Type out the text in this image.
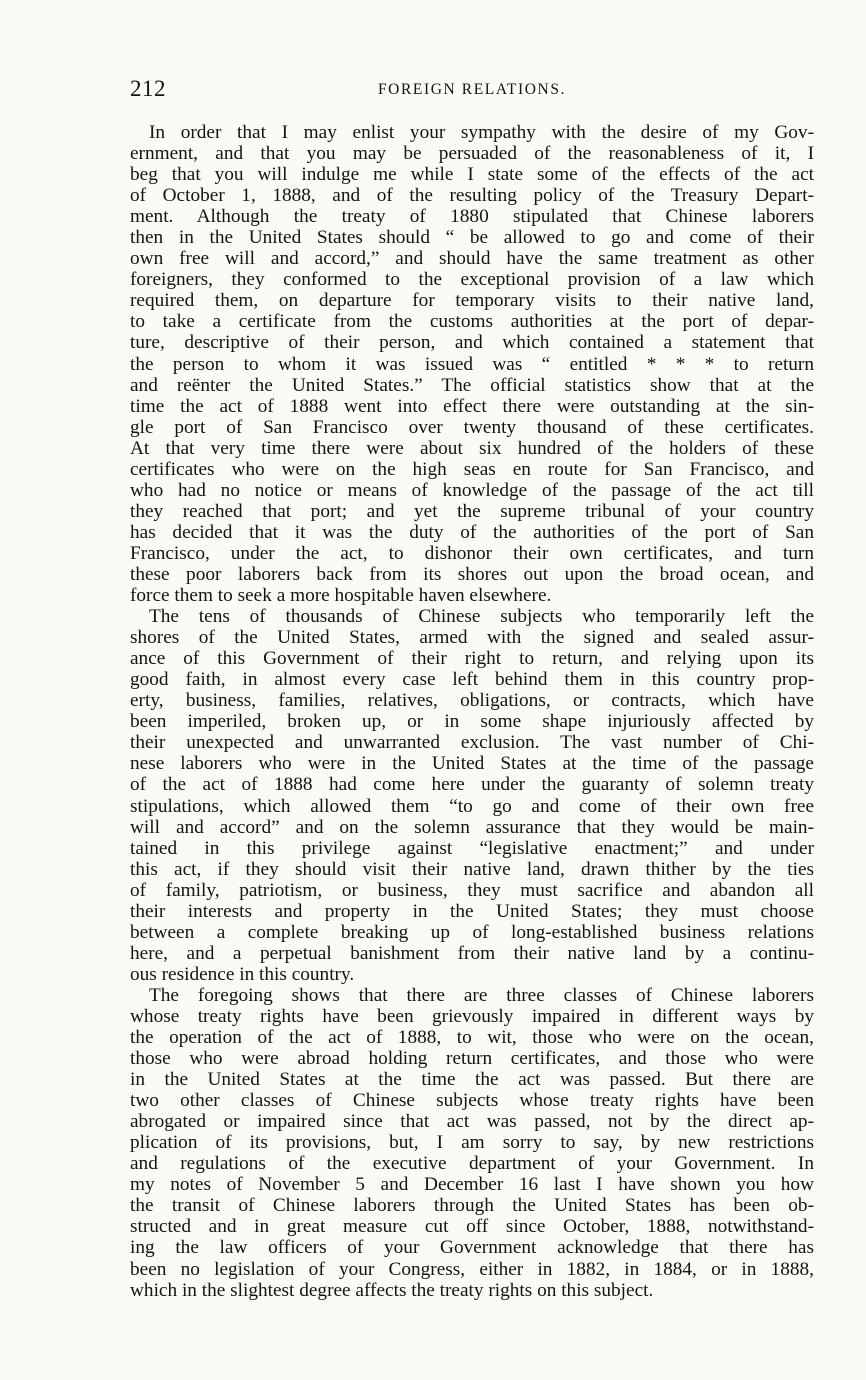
212	FOREIGN RELATIONS.
In order that I may enlist your sympathy with the desire of my Gov-
ernment, and that you may be persuaded of the reasonableness of it, I
beg that you will indulge me while I state some of the effects of the act
of October 1, 1888, and of the resulting policy of the Treasury Depart-
ment. Although the treaty of 1880 stipulated that Chinese laborers
then in the United States should “ be allowed to go and come of their
own free will and accord,” and should have the same treatment as other
foreigners, they conformed to the exceptional provision of a law which
required them, on departure for temporary visits to their native land,
to take a certificate from the customs authorities at the port of depar-
ture, descriptive of their person, and which contained a statement that
the person to whom it was issued was “ entitled * * * to return
and reënter the United States.” The official statistics show that at the
time the act of 1888 went into effect there were outstanding at the sin-
gle port of San Francisco over twenty thousand of these certificates.
At that very time there were about six hundred of the holders of these
certificates who were on the high seas en route for San Francisco, and
who had no notice or means of knowledge of the passage of the act till
they reached that port; and yet the supreme tribunal of your country
has decided that it was the duty of the authorities of the port of San
Francisco, under the act, to dishonor their own certificates, and turn
these poor laborers back from its shores out upon the broad ocean, and
force them to seek a more hospitable haven elsewhere.
The tens of thousands of Chinese subjects who temporarily left the
shores of the United States, armed with the signed and sealed assur-
ance of this Government of their right to return, and relying upon its
good faith, in almost every case left behind them in this country prop-
erty, business, families, relatives, obligations, or contracts, which have
been imperiled, broken up, or in some shape injuriously affected by
their unexpected and unwarranted exclusion. The vast number of Chi-
nese laborers who were in the United States at the time of the passage
of the act of 1888 had come here under the guaranty of solemn treaty
stipulations, which allowed them “to go and come of their own free
will and accord” and on the solemn assurance that they would be main-
tained in this privilege against “legislative enactment;” and under
this act, if they should visit their native land, drawn thither by the ties
of family, patriotism, or business, they must sacrifice and abandon all
their interests and property in the United States; they must choose
between a complete breaking up of long-established business relations
here, and a perpetual banishment from their native land by a continu-
ous residence in this country.
The foregoing shows that there are three classes of Chinese laborers
whose treaty rights have been grievously impaired in different ways by
the operation of the act of 1888, to wit, those who were on the ocean,
those who were abroad holding return certificates, and those who were
in the United States at the time the act was passed. But there are
two other classes of Chinese subjects whose treaty rights have been
abrogated or impaired since that act was passed, not by the direct ap-
plication of its provisions, but, I am sorry to say, by new restrictions
and regulations of the executive department of your Government. In
my notes of November 5 and December 16 last I have shown you how
the transit of Chinese laborers through the United States has been ob-
structed and in great measure cut off since October, 1888, notwithstand-
ing the law officers of your Government acknowledge that there has
been no legislation of your Congress, either in 1882, in 1884, or in 1888,
which in the slightest degree affects the treaty rights on this subject.
